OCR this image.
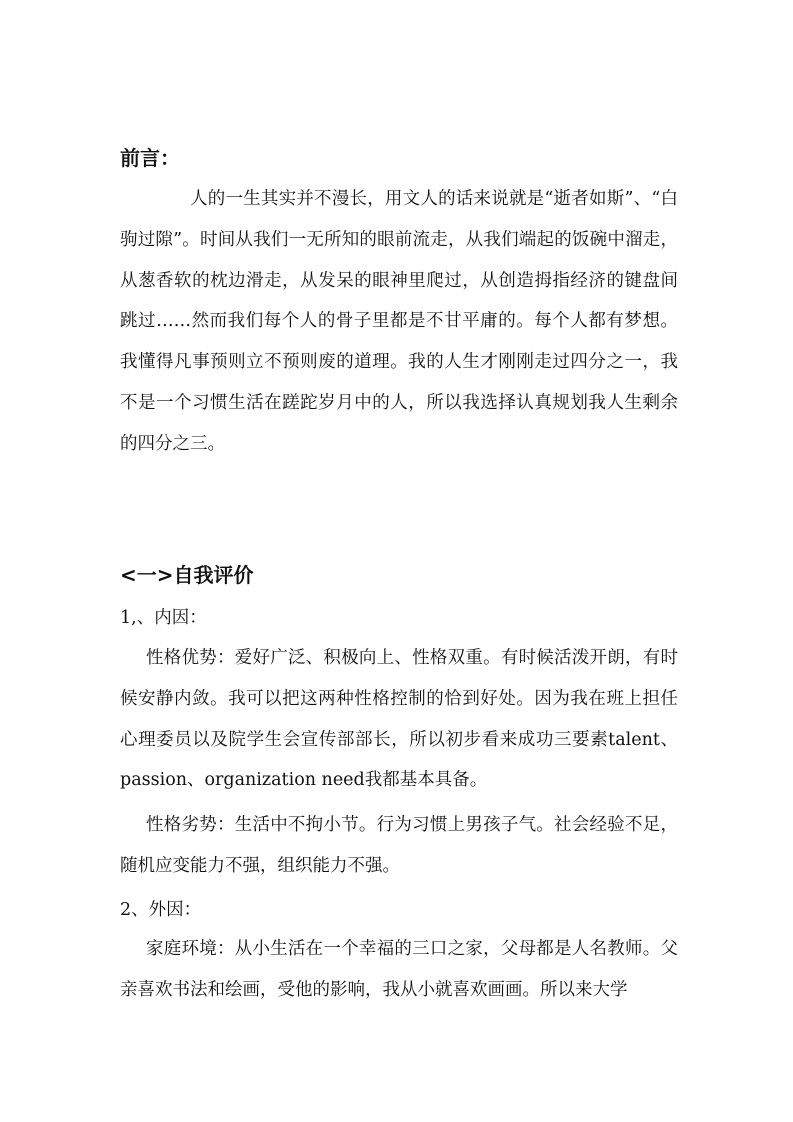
前言：
人的一生其实并不漫长，用文人的话来说就是“逝者如斯”、“白驹过隙”。时间从我们一无所知的眼前流走，从我们端起的饭碗中溜走，从葱香软的枕边滑走，从发呆的眼神里爬过，从创造拇指经济的键盘间跳过……然而我们每个人的骨子里都是不甘平庸的。每个人都有梦想。我懂得凡事预则立不预则废的道理。我的人生才刚刚走过四分之一，我不是一个习惯生活在蹉跎岁月中的人，所以我选择认真规划我人生剩余的四分之三。
<一>自我评价
1,、内因：
性格优势：爱好广泛、积极向上、性格双重。有时候活泼开朗，有时候安静内敛。我可以把这两种性格控制的恰到好处。因为我在班上担任心理委员以及院学生会宣传部部长，所以初步看来成功三要素talent、passion、organization need我都基本具备。
性格劣势：生活中不拘小节。行为习惯上男孩子气。社会经验不足，随机应变能力不强，组织能力不强。
2、外因：
家庭环境：从小生活在一个幸福的三口之家，父母都是人名教师。父亲喜欢书法和绘画，受他的影响，我从小就喜欢画画。所以来大学
